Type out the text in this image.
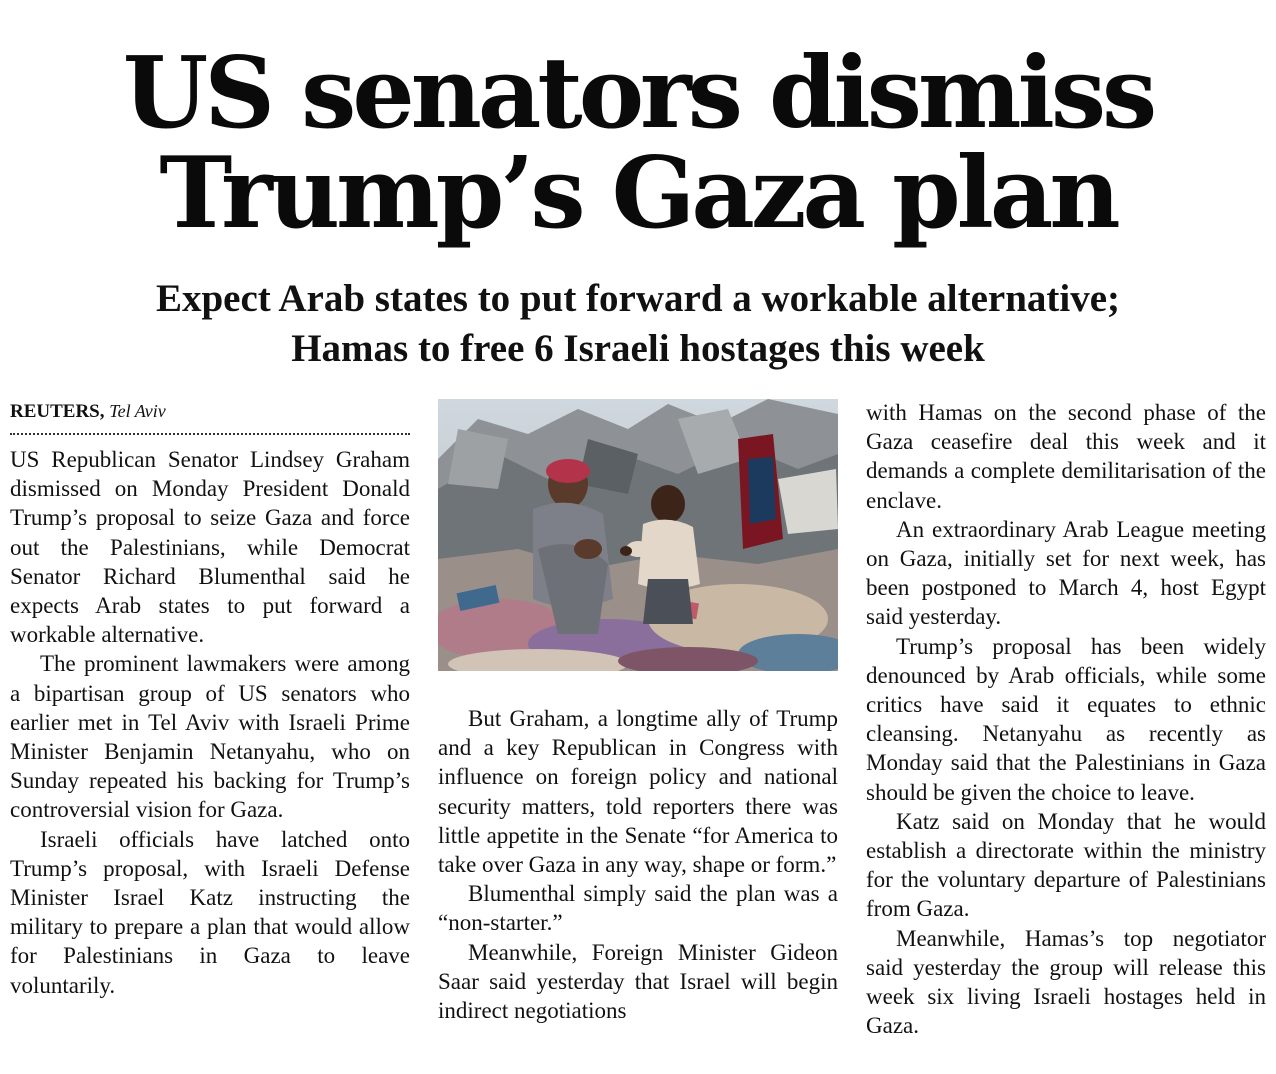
US senators dismiss
Trump’s Gaza plan
Expect Arab states to put forward a workable alternative;
Hamas to free 6 Israeli hostages this week
REUTERS, Tel Aviv

US Republican Senator Lindsey Graham dismissed on Monday President Donald Trump’s proposal to seize Gaza and force out the Palestinians, while Democrat Senator Richard Blumenthal said he expects Arab states to put forward a workable alternative.

The prominent lawmakers were among a bipartisan group of US senators who earlier met in Tel Aviv with Israeli Prime Minister Benjamin Netanyahu, who on Sunday repeated his backing for Trump’s controversial vision for Gaza.

Israeli officials have latched onto Trump’s proposal, with Israeli Defense Minister Israel Katz instructing the military to prepare a plan that would allow for Palestinians in Gaza to leave voluntarily.

But Graham, a longtime ally of Trump and a key Republican in Congress with influence on foreign policy and national security matters, told reporters there was little appetite in the Senate “for America to take over Gaza in any way, shape or form.”

Blumenthal simply said the plan was a “non-starter.”

Meanwhile, Foreign Minister Gideon Saar said yesterday that Israel will begin indirect negotiations

with Hamas on the second phase of the Gaza ceasefire deal this week and it demands a complete demilitarisation of the enclave.

An extraordinary Arab League meeting on Gaza, initially set for next week, has been postponed to March 4, host Egypt said yesterday.

Trump’s proposal has been widely denounced by Arab officials, while some critics have said it equates to ethnic cleansing. Netanyahu as recently as Monday said that the Palestinians in Gaza should be given the choice to leave.

Katz said on Monday that he would establish a directorate within the ministry for the voluntary departure of Palestinians from Gaza.

Meanwhile, Hamas’s top negotiator said yesterday the group will release this week six living Israeli hostages held in Gaza.
